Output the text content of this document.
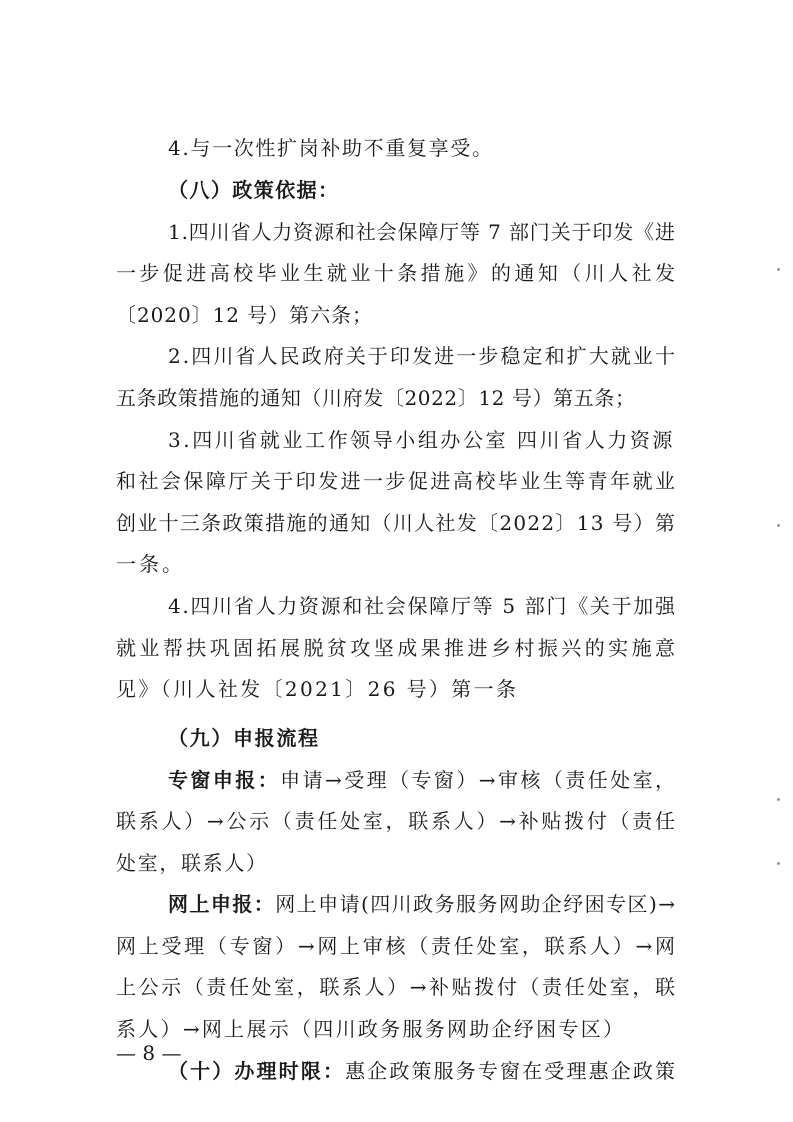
— 8 —
4.与一次性扩岗补助不重复享受。
（八）政策依据：
1.四川省人力资源和社会保障厅等 7 部门关于印发《进
一步促进高校毕业生就业十条措施》的通知（川人社发
〔2020〕12 号）第六条；
2.四川省人民政府关于印发进一步稳定和扩大就业十
五条政策措施的通知（川府发〔2022〕12 号）第五条；
3.四川省就业工作领导小组办公室 四川省人力资源
和社会保障厅关于印发进一步促进高校毕业生等青年就业
创业十三条政策措施的通知（川人社发〔2022〕13 号）第
一条。
4.四川省人力资源和社会保障厅等 5 部门《关于加强
就业帮扶巩固拓展脱贫攻坚成果推进乡村振兴的实施意
见》（川人社发〔2021〕26 号）第一条
（九）申报流程
专窗申报：申请→受理（专窗）→审核（责任处室，
联系人）→公示（责任处室，联系人）→补贴拨付（责任
处室，联系人）
网上申报：网上申请(四川政务服务网助企纾困专区)→
网上受理（专窗）→网上审核（责任处室，联系人）→网
上公示（责任处室，联系人）→补贴拨付（责任处室，联
系人）→网上展示（四川政务服务网助企纾困专区）
（十）办理时限：惠企政策服务专窗在受理惠企政策
